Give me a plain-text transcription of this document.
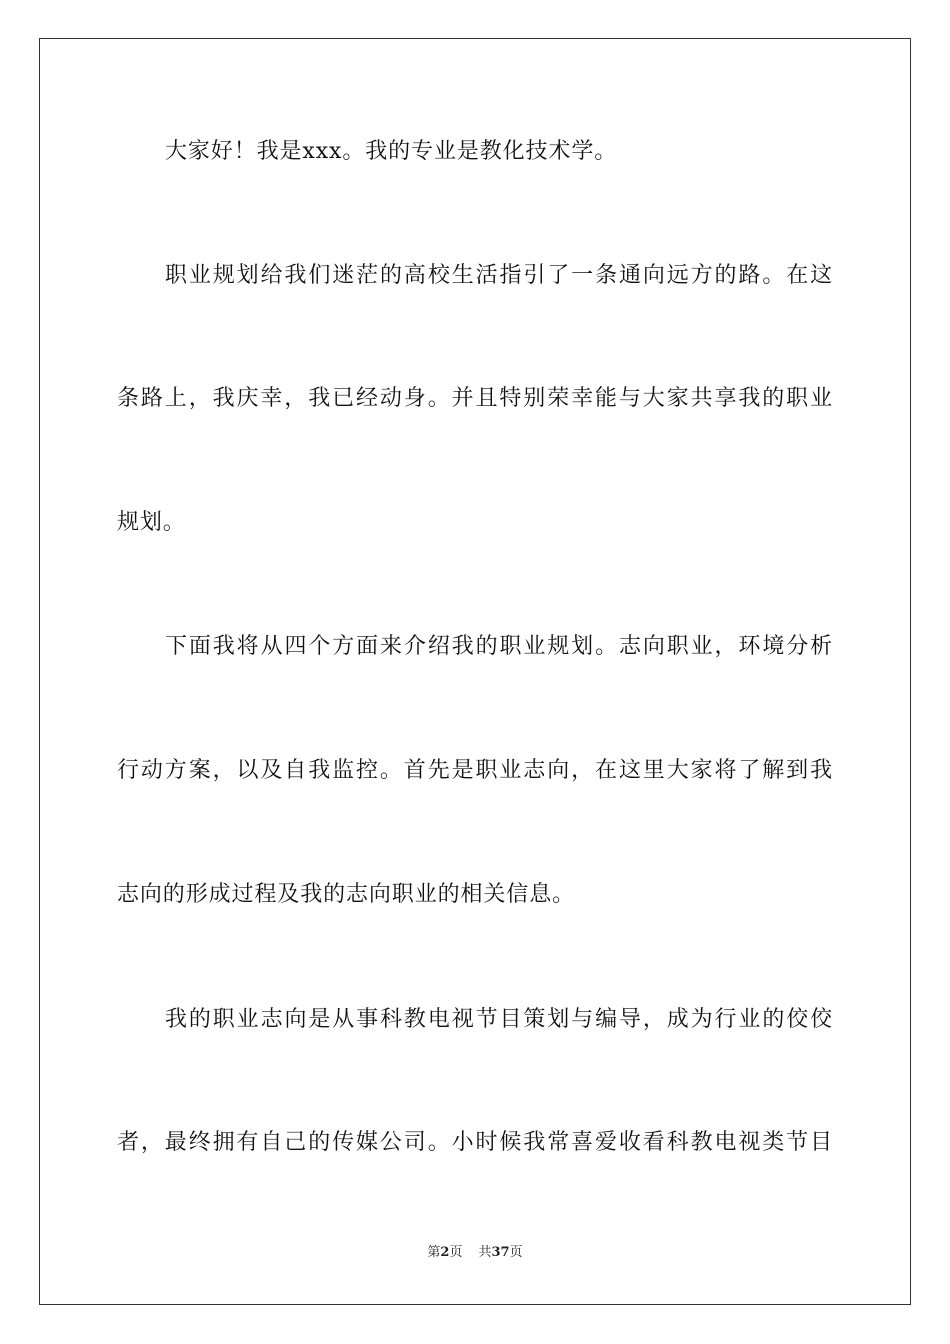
大家好！我是xxx。我的专业是教化技术学。
职业规划给我们迷茫的高校生活指引了一条通向远方的路。在这
条路上，我庆幸，我已经动身。并且特别荣幸能与大家共享我的职业
规划。
下面我将从四个方面来介绍我的职业规划。志向职业，环境分析
行动方案，以及自我监控。首先是职业志向，在这里大家将了解到我
志向的形成过程及我的志向职业的相关信息。
我的职业志向是从事科教电视节目策划与编导，成为行业的佼佼
者，最终拥有自己的传媒公司。小时候我常喜爱收看科教电视类节目
第2页 共37页
